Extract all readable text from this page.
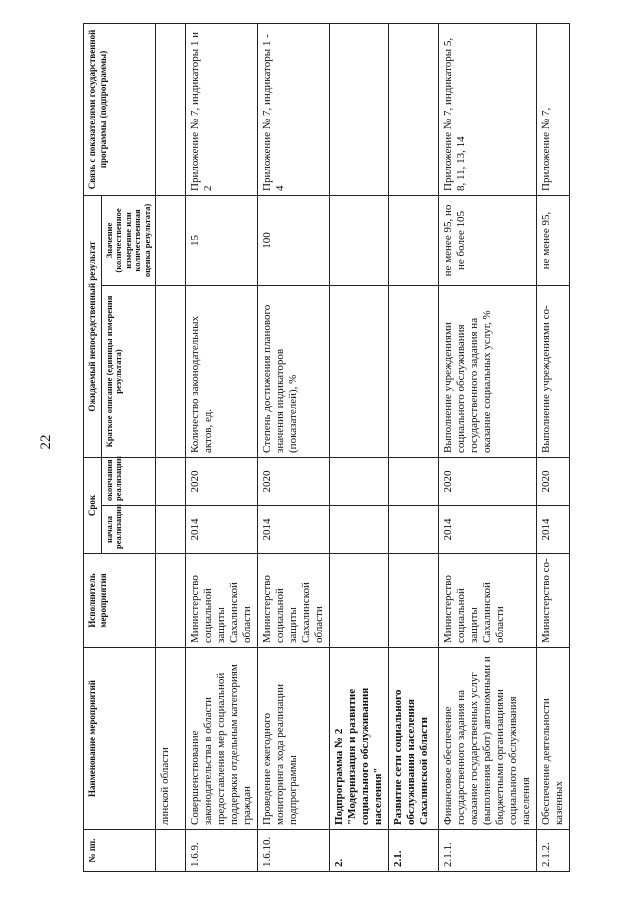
22
№ пп.	Наименование мероприятий	Исполнитель мероприятия	Срок		Ожидаемый непосредственный результат		Связь с показателями государственной программы (подпрограммы)
			начала реализации	окончания реализации	Краткое описание (единицы измерения результата)	Значение (количественное измерение или количественная оценка результата)	
	линской области						
1.6.9.	Совершенствование законодательства в области предоставления мер социальной поддержки отдельным категориям граждан	Министерство социальной защиты Сахалинской области	2014	2020	Количество законодательных актов, ед.	15	Приложение № 7, индикаторы 1 и 2
1.6.10.	Проведение ежегодного мониторинга хода реализации подпрограммы	Министерство социальной защиты Сахалинской области	2014	2020	Степень достижения планового значения индикаторов (показателей), %	100	Приложение № 7, индикаторы 1 - 4
2.	Подпрограмма № 2 "Модернизация и развитие социального обслуживания населения"						
2.1.	Развитие сети социального обслуживания населения Сахалинской области						
2.1.1.	Финансовое обеспечение государственного задания на оказание государственных услуг (выполнения работ) автономными и бюджетными организациями социального обслуживания населения	Министерство социальной защиты Сахалинской области	2014	2020	Выполнение учреждениями социального обслуживания государственного задания на оказание социальных услуг, %	не менее 95, но не более 105	Приложение № 7, индикаторы 5, 8, 11, 13, 14
2.1.2.	Обеспечение деятельности казенных	Министерство со-	2014	2020	Выполнение учреждениями со-	не менее 95,	Приложение № 7,
